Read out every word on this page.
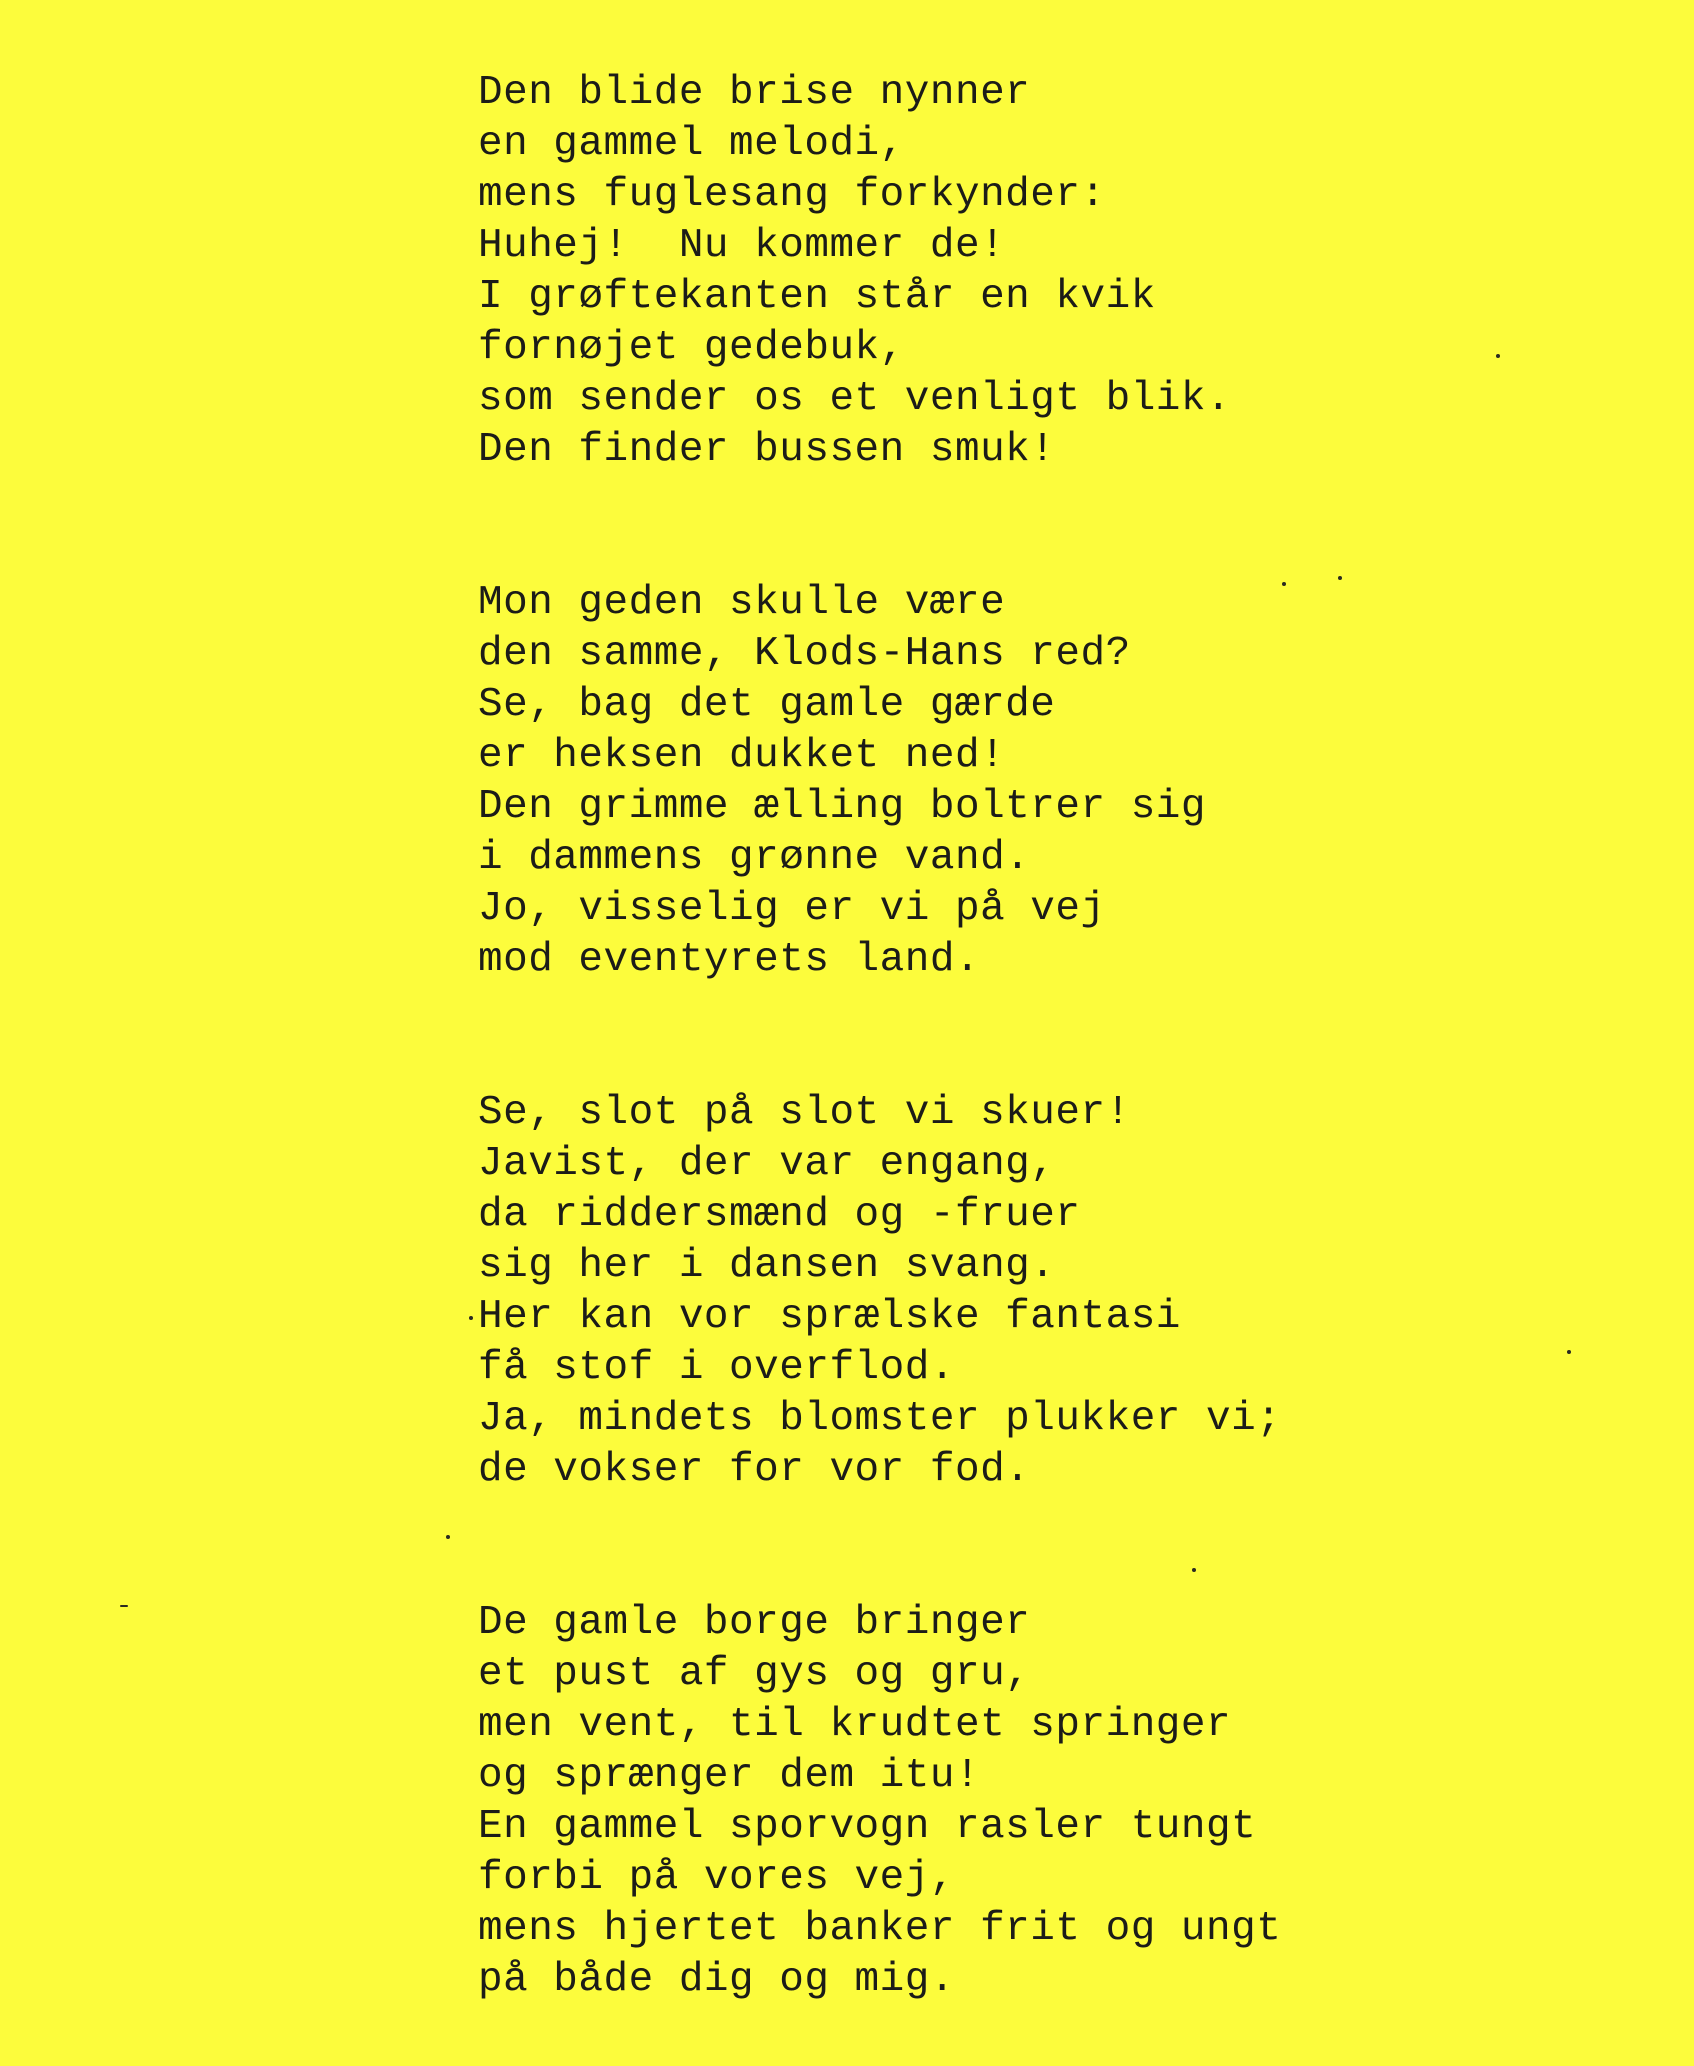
Den blide brise nynner
en gammel melodi,
mens fuglesang forkynder:
Huhej!  Nu kommer de!
I grøftekanten står en kvik
fornøjet gedebuk,
som sender os et venligt blik.
Den finder bussen smuk!
Mon geden skulle være
den samme, Klods-Hans red?
Se, bag det gamle gærde
er heksen dukket ned!
Den grimme ælling boltrer sig
i dammens grønne vand.
Jo, visselig er vi på vej
mod eventyrets land.
Se, slot på slot vi skuer!
Javist, der var engang,
da riddersmænd og -fruer
sig her i dansen svang.
Her kan vor sprælske fantasi
få stof i overflod.
Ja, mindets blomster plukker vi;
de vokser for vor fod.
De gamle borge bringer
et pust af gys og gru,
men vent, til krudtet springer
og sprænger dem itu!
En gammel sporvogn rasler tungt
forbi på vores vej,
mens hjertet banker frit og ungt
på både dig og mig.
